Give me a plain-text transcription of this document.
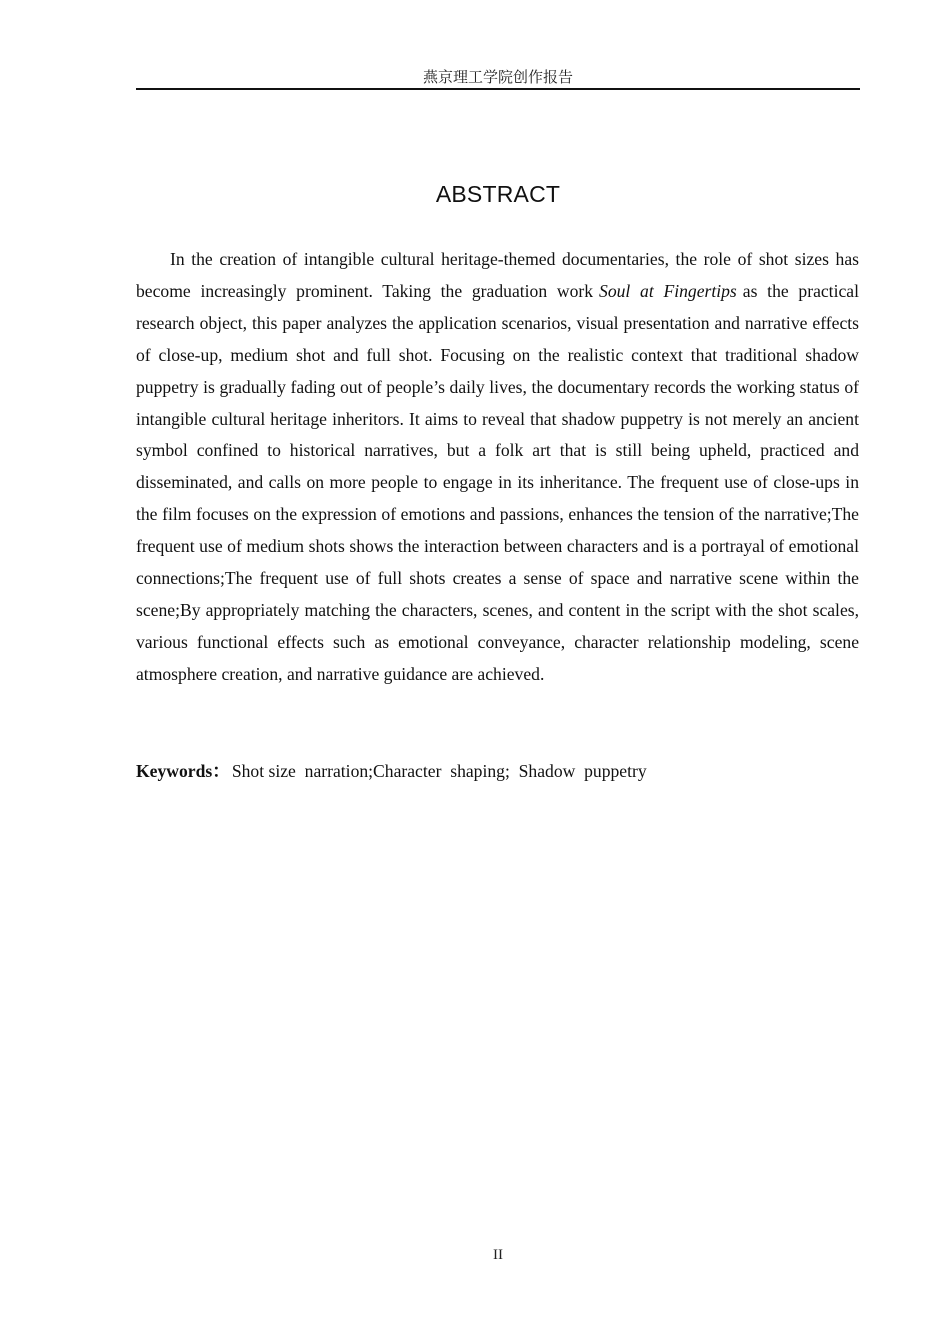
燕京理工学院创作报告
ABSTRACT

In the creation of intangible cultural heritage-themed documentaries, the role of shot sizes has become increasingly prominent. Taking the graduation work Soul at Fingertips as the practical research object, this paper analyzes the application scenarios, visual presentation and narrative effects of close-up, medium shot and full shot. Focusing on the realistic context that traditional shadow puppetry is gradually fading out of people’s daily lives, the documentary records the working status of intangible cultural heritage inheritors. It aims to reveal that shadow puppetry is not merely an ancient symbol confined to historical narratives, but a folk art that is still being upheld, practiced and disseminated, and calls on more people to engage in its inheritance. The frequent use of close-ups in the film focuses on the expression of emotions and passions, enhances the tension of the narrative;The frequent use of medium shots shows the interaction between characters and is a portrayal of emotional connections;The frequent use of full shots creates a sense of space and narrative scene within the scene;By appropriately matching the characters, scenes, and content in the script with the shot scales, various functional effects such as emotional conveyance, character relationship modeling, scene atmosphere creation, and narrative guidance are achieved.

Keywords： Shot size  narration;Character  shaping;  Shadow  puppetry
II
